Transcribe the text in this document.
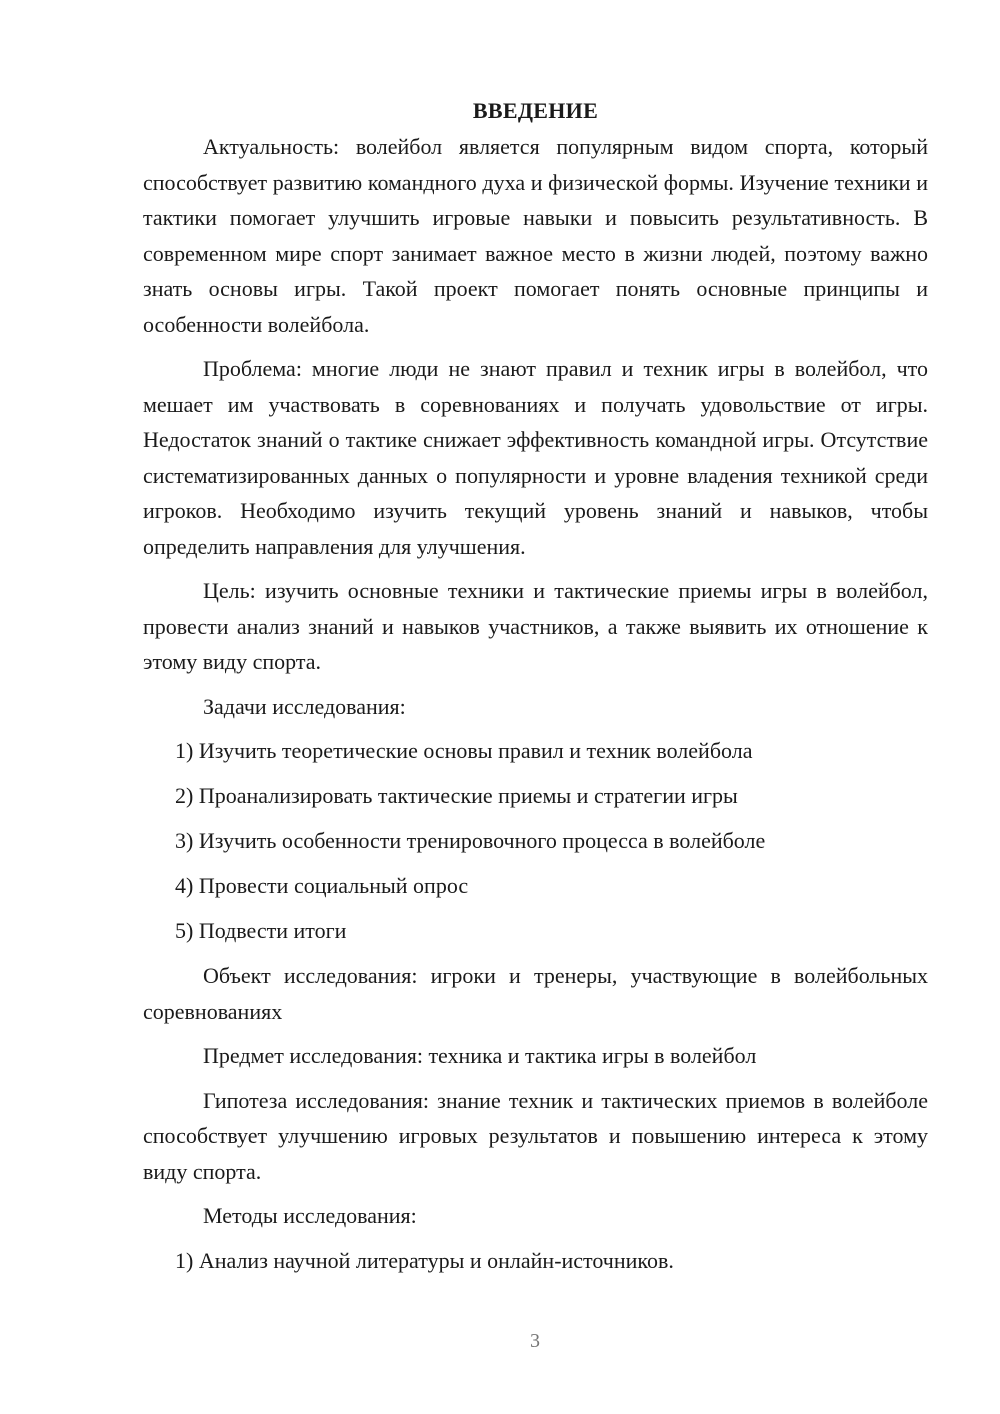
ВВЕДЕНИЕ

Актуальность: волейбол является популярным видом спорта, который способствует развитию командного духа и физической формы. Изучение техники и тактики помогает улучшить игровые навыки и повысить результативность. В современном мире спорт занимает важное место в жизни людей, поэтому важно знать основы игры. Такой проект помогает понять основные принципы и особенности волейбола.

Проблема: многие люди не знают правил и техник игры в волейбол, что мешает им участвовать в соревнованиях и получать удовольствие от игры. Недостаток знаний о тактике снижает эффективность командной игры. Отсутствие систематизированных данных о популярности и уровне владения техникой среди игроков. Необходимо изучить текущий уровень знаний и навыков, чтобы определить направления для улучшения.

Цель: изучить основные техники и тактические приемы игры в волейбол, провести анализ знаний и навыков участников, а также выявить их отношение к этому виду спорта.

Задачи исследования:

1) Изучить теоретические основы правил и техник волейбола

2) Проанализировать тактические приемы и стратегии игры

3) Изучить особенности тренировочного процесса в волейболе

4) Провести социальный опрос

5) Подвести итоги

Объект исследования: игроки и тренеры, участвующие в волейбольных соревнованиях

Предмет исследования: техника и тактика игры в волейбол

Гипотеза исследования: знание техник и тактических приемов в волейболе способствует улучшению игровых результатов и повышению интереса к этому виду спорта.

Методы исследования:

1) Анализ научной литературы и онлайн-источников.

3
